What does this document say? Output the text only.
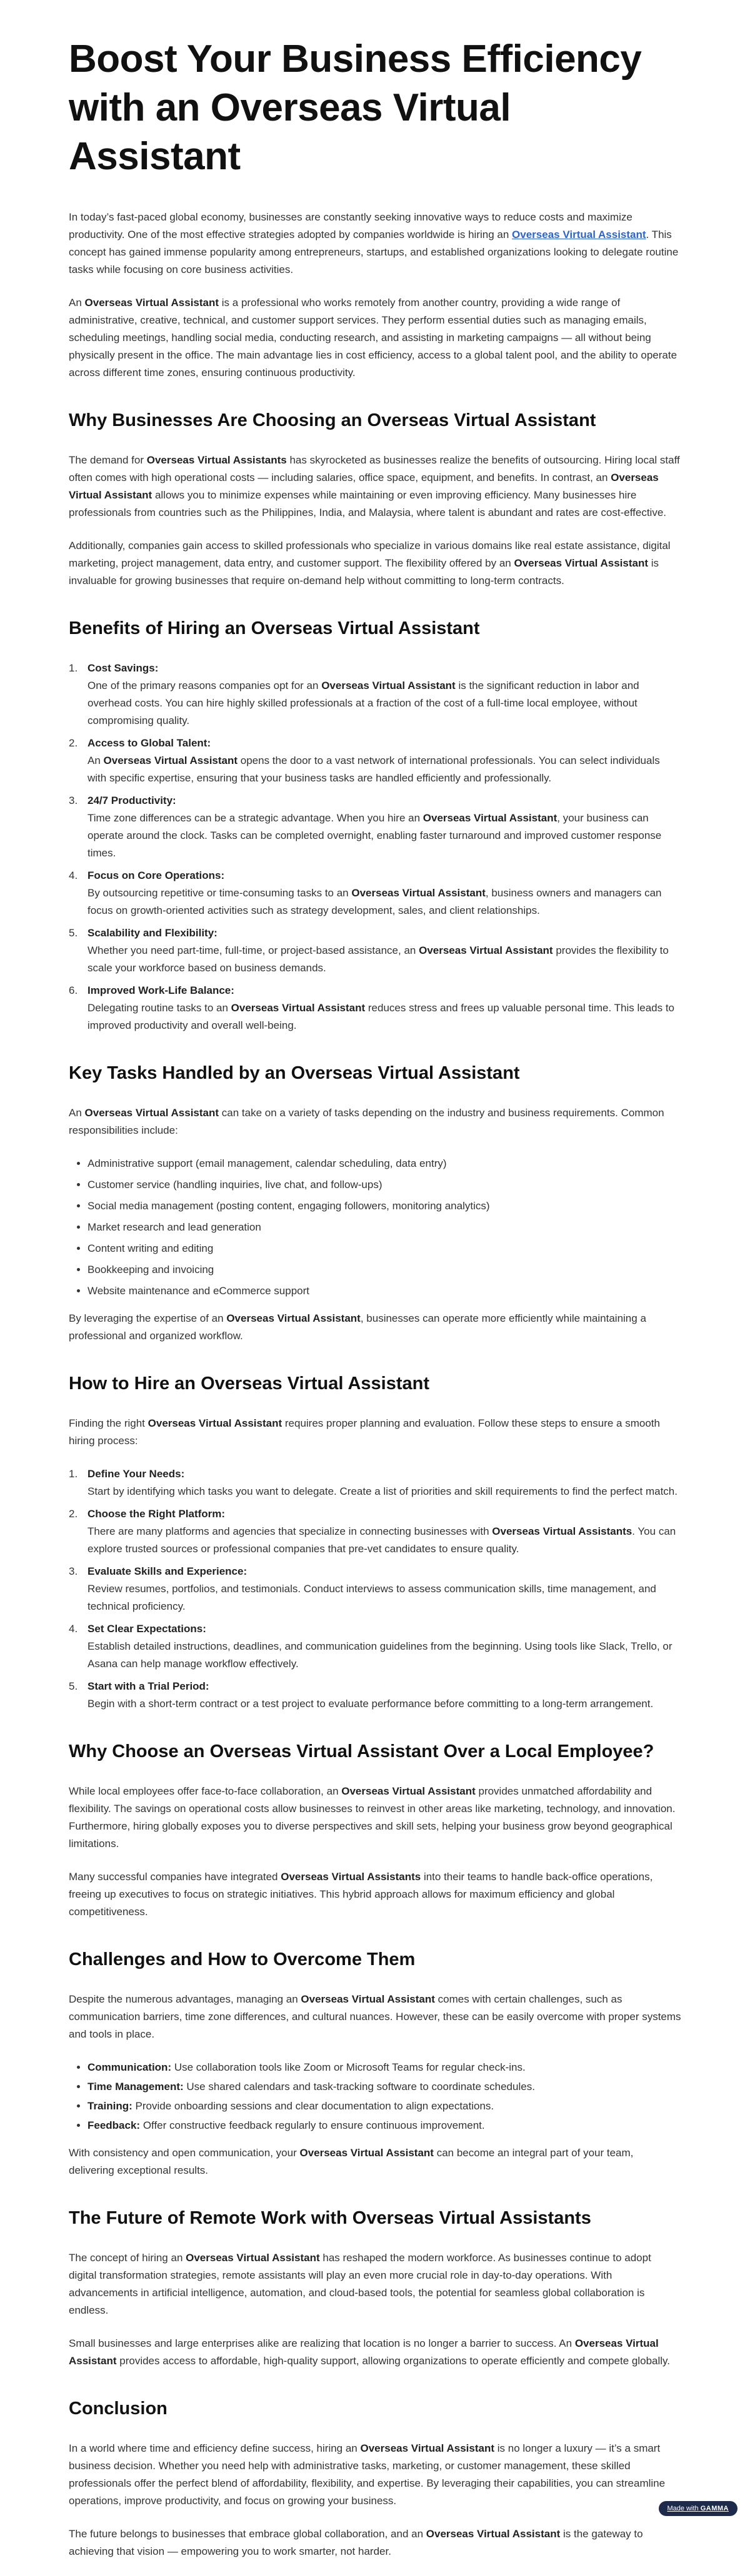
Boost Your Business Efficiency with an Overseas Virtual Assistant

In today’s fast-paced global economy, businesses are constantly seeking innovative ways to reduce costs and maximize productivity. One of the most effective strategies adopted by companies worldwide is hiring an Overseas Virtual Assistant. This concept has gained immense popularity among entrepreneurs, startups, and established organizations looking to delegate routine tasks while focusing on core business activities.

An Overseas Virtual Assistant is a professional who works remotely from another country, providing a wide range of administrative, creative, technical, and customer support services. They perform essential duties such as managing emails, scheduling meetings, handling social media, conducting research, and assisting in marketing campaigns — all without being physically present in the office. The main advantage lies in cost efficiency, access to a global talent pool, and the ability to operate across different time zones, ensuring continuous productivity.

Why Businesses Are Choosing an Overseas Virtual Assistant

The demand for Overseas Virtual Assistants has skyrocketed as businesses realize the benefits of outsourcing. Hiring local staff often comes with high operational costs — including salaries, office space, equipment, and benefits. In contrast, an Overseas Virtual Assistant allows you to minimize expenses while maintaining or even improving efficiency. Many businesses hire professionals from countries such as the Philippines, India, and Malaysia, where talent is abundant and rates are cost-effective.

Additionally, companies gain access to skilled professionals who specialize in various domains like real estate assistance, digital marketing, project management, data entry, and customer support. The flexibility offered by an Overseas Virtual Assistant is invaluable for growing businesses that require on-demand help without committing to long-term contracts.

Benefits of Hiring an Overseas Virtual Assistant
1. Cost Savings:
One of the primary reasons companies opt for an Overseas Virtual Assistant is the significant reduction in labor and overhead costs. You can hire highly skilled professionals at a fraction of the cost of a full-time local employee, without compromising quality.
2. Access to Global Talent:
An Overseas Virtual Assistant opens the door to a vast network of international professionals. You can select individuals with specific expertise, ensuring that your business tasks are handled efficiently and professionally.
3. 24/7 Productivity:
Time zone differences can be a strategic advantage. When you hire an Overseas Virtual Assistant, your business can operate around the clock. Tasks can be completed overnight, enabling faster turnaround and improved customer response times.
4. Focus on Core Operations:
By outsourcing repetitive or time-consuming tasks to an Overseas Virtual Assistant, business owners and managers can focus on growth-oriented activities such as strategy development, sales, and client relationships.
5. Scalability and Flexibility:
Whether you need part-time, full-time, or project-based assistance, an Overseas Virtual Assistant provides the flexibility to scale your workforce based on business demands.
6. Improved Work-Life Balance:
Delegating routine tasks to an Overseas Virtual Assistant reduces stress and frees up valuable personal time. This leads to improved productivity and overall well-being.
Key Tasks Handled by an Overseas Virtual Assistant

An Overseas Virtual Assistant can take on a variety of tasks depending on the industry and business requirements. Common responsibilities include:

• Administrative support (email management, calendar scheduling, data entry)
• Customer service (handling inquiries, live chat, and follow-ups)
• Social media management (posting content, engaging followers, monitoring analytics)
• Market research and lead generation
• Content writing and editing
• Bookkeeping and invoicing
• Website maintenance and eCommerce support

By leveraging the expertise of an Overseas Virtual Assistant, businesses can operate more efficiently while maintaining a professional and organized workflow.

How to Hire an Overseas Virtual Assistant

Finding the right Overseas Virtual Assistant requires proper planning and evaluation. Follow these steps to ensure a smooth hiring process:

1. Define Your Needs:
Start by identifying which tasks you want to delegate. Create a list of priorities and skill requirements to find the perfect match.
2. Choose the Right Platform:
There are many platforms and agencies that specialize in connecting businesses with Overseas Virtual Assistants. You can explore trusted sources or professional companies that pre-vet candidates to ensure quality.
3. Evaluate Skills and Experience:
Review resumes, portfolios, and testimonials. Conduct interviews to assess communication skills, time management, and technical proficiency.
4. Set Clear Expectations:
Establish detailed instructions, deadlines, and communication guidelines from the beginning. Using tools like Slack, Trello, or Asana can help manage workflow effectively.
5. Start with a Trial Period:
Begin with a short-term contract or a test project to evaluate performance before committing to a long-term arrangement.
Why Choose an Overseas Virtual Assistant Over a Local Employee?

While local employees offer face-to-face collaboration, an Overseas Virtual Assistant provides unmatched affordability and flexibility. The savings on operational costs allow businesses to reinvest in other areas like marketing, technology, and innovation. Furthermore, hiring globally exposes you to diverse perspectives and skill sets, helping your business grow beyond geographical limitations.

Many successful companies have integrated Overseas Virtual Assistants into their teams to handle back-office operations, freeing up executives to focus on strategic initiatives. This hybrid approach allows for maximum efficiency and global competitiveness.

Challenges and How to Overcome Them

Despite the numerous advantages, managing an Overseas Virtual Assistant comes with certain challenges, such as communication barriers, time zone differences, and cultural nuances. However, these can be easily overcome with proper systems and tools in place.

• Communication: Use collaboration tools like Zoom or Microsoft Teams for regular check-ins.
• Time Management: Use shared calendars and task-tracking software to coordinate schedules.
• Training: Provide onboarding sessions and clear documentation to align expectations.
• Feedback: Offer constructive feedback regularly to ensure continuous improvement.

With consistency and open communication, your Overseas Virtual Assistant can become an integral part of your team, delivering exceptional results.

The Future of Remote Work with Overseas Virtual Assistants

The concept of hiring an Overseas Virtual Assistant has reshaped the modern workforce. As businesses continue to adopt digital transformation strategies, remote assistants will play an even more crucial role in day-to-day operations. With advancements in artificial intelligence, automation, and cloud-based tools, the potential for seamless global collaboration is endless.

Small businesses and large enterprises alike are realizing that location is no longer a barrier to success. An Overseas Virtual Assistant provides access to affordable, high-quality support, allowing organizations to operate efficiently and compete globally.

Conclusion

In a world where time and efficiency define success, hiring an Overseas Virtual Assistant is no longer a luxury — it’s a smart business decision. Whether you need help with administrative tasks, marketing, or customer management, these skilled professionals offer the perfect blend of affordability, flexibility, and expertise. By leveraging their capabilities, you can streamline operations, improve productivity, and focus on growing your business.

The future belongs to businesses that embrace global collaboration, and an Overseas Virtual Assistant is the gateway to achieving that vision — empowering you to work smarter, not harder.

Made with GAMMA
